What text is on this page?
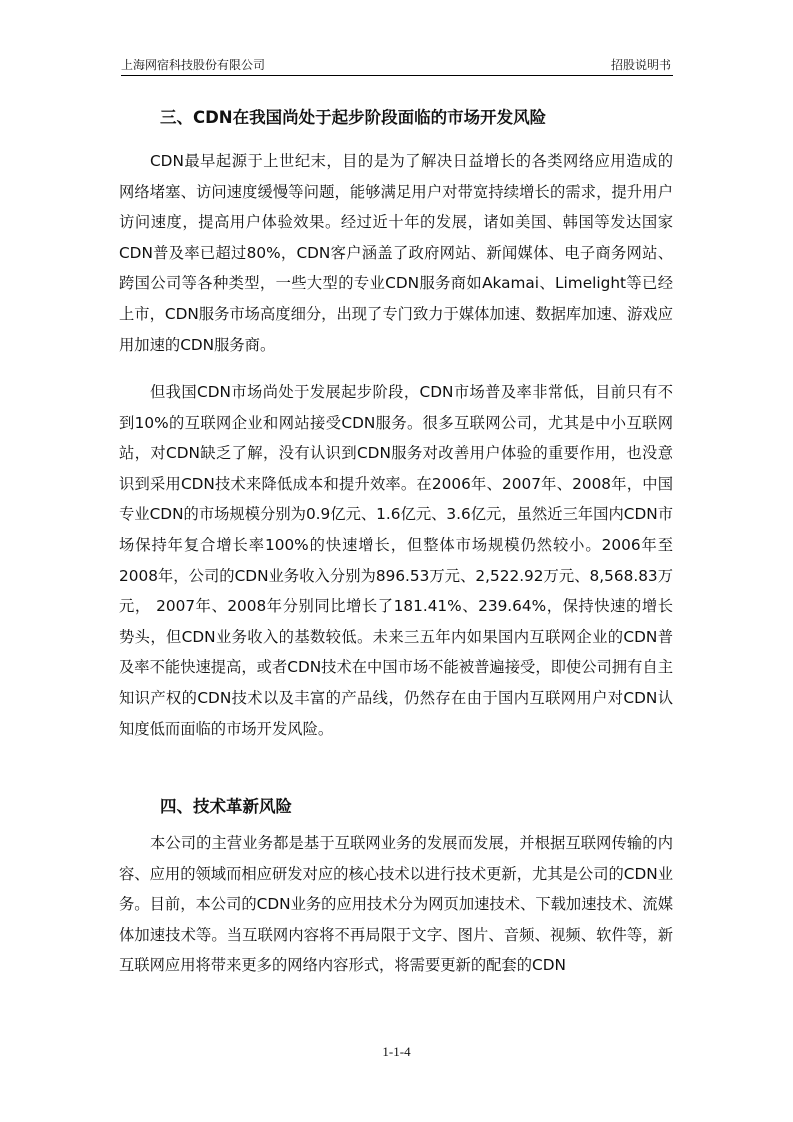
上海网宿科技股份有限公司	招股说明书
三、CDN在我国尚处于起步阶段面临的市场开发风险

CDN最早起源于上世纪末，目的是为了解决日益增长的各类网络应用造成的网络堵塞、访问速度缓慢等问题，能够满足用户对带宽持续增长的需求，提升用户访问速度，提高用户体验效果。经过近十年的发展，诸如美国、韩国等发达国家CDN普及率已超过80%，CDN客户涵盖了政府网站、新闻媒体、电子商务网站、跨国公司等各种类型，一些大型的专业CDN服务商如Akamai、Limelight等已经上市，CDN服务市场高度细分，出现了专门致力于媒体加速、数据库加速、游戏应用加速的CDN服务商。

但我国CDN市场尚处于发展起步阶段，CDN市场普及率非常低，目前只有不到10%的互联网企业和网站接受CDN服务。很多互联网公司，尤其是中小互联网站，对CDN缺乏了解，没有认识到CDN服务对改善用户体验的重要作用，也没意识到采用CDN技术来降低成本和提升效率。在2006年、2007年、2008年，中国专业CDN的市场规模分别为0.9亿元、1.6亿元、3.6亿元，虽然近三年国内CDN市场保持年复合增长率100%的快速增长，但整体市场规模仍然较小。2006年至2008年，公司的CDN业务收入分别为896.53万元、2,522.92万元、8,568.83万元， 2007年、2008年分别同比增长了181.41%、239.64%，保持快速的增长势头，但CDN业务收入的基数较低。未来三五年内如果国内互联网企业的CDN普及率不能快速提高，或者CDN技术在中国市场不能被普遍接受，即使公司拥有自主知识产权的CDN技术以及丰富的产品线，仍然存在由于国内互联网用户对CDN认知度低而面临的市场开发风险。

四、技术革新风险

本公司的主营业务都是基于互联网业务的发展而发展，并根据互联网传输的内容、应用的领域而相应研发对应的核心技术以进行技术更新，尤其是公司的CDN业务。目前，本公司的CDN业务的应用技术分为网页加速技术、下载加速技术、流媒体加速技术等。当互联网内容将不再局限于文字、图片、音频、视频、软件等，新互联网应用将带来更多的网络内容形式，将需要更新的配套的CDN

1-1-4
